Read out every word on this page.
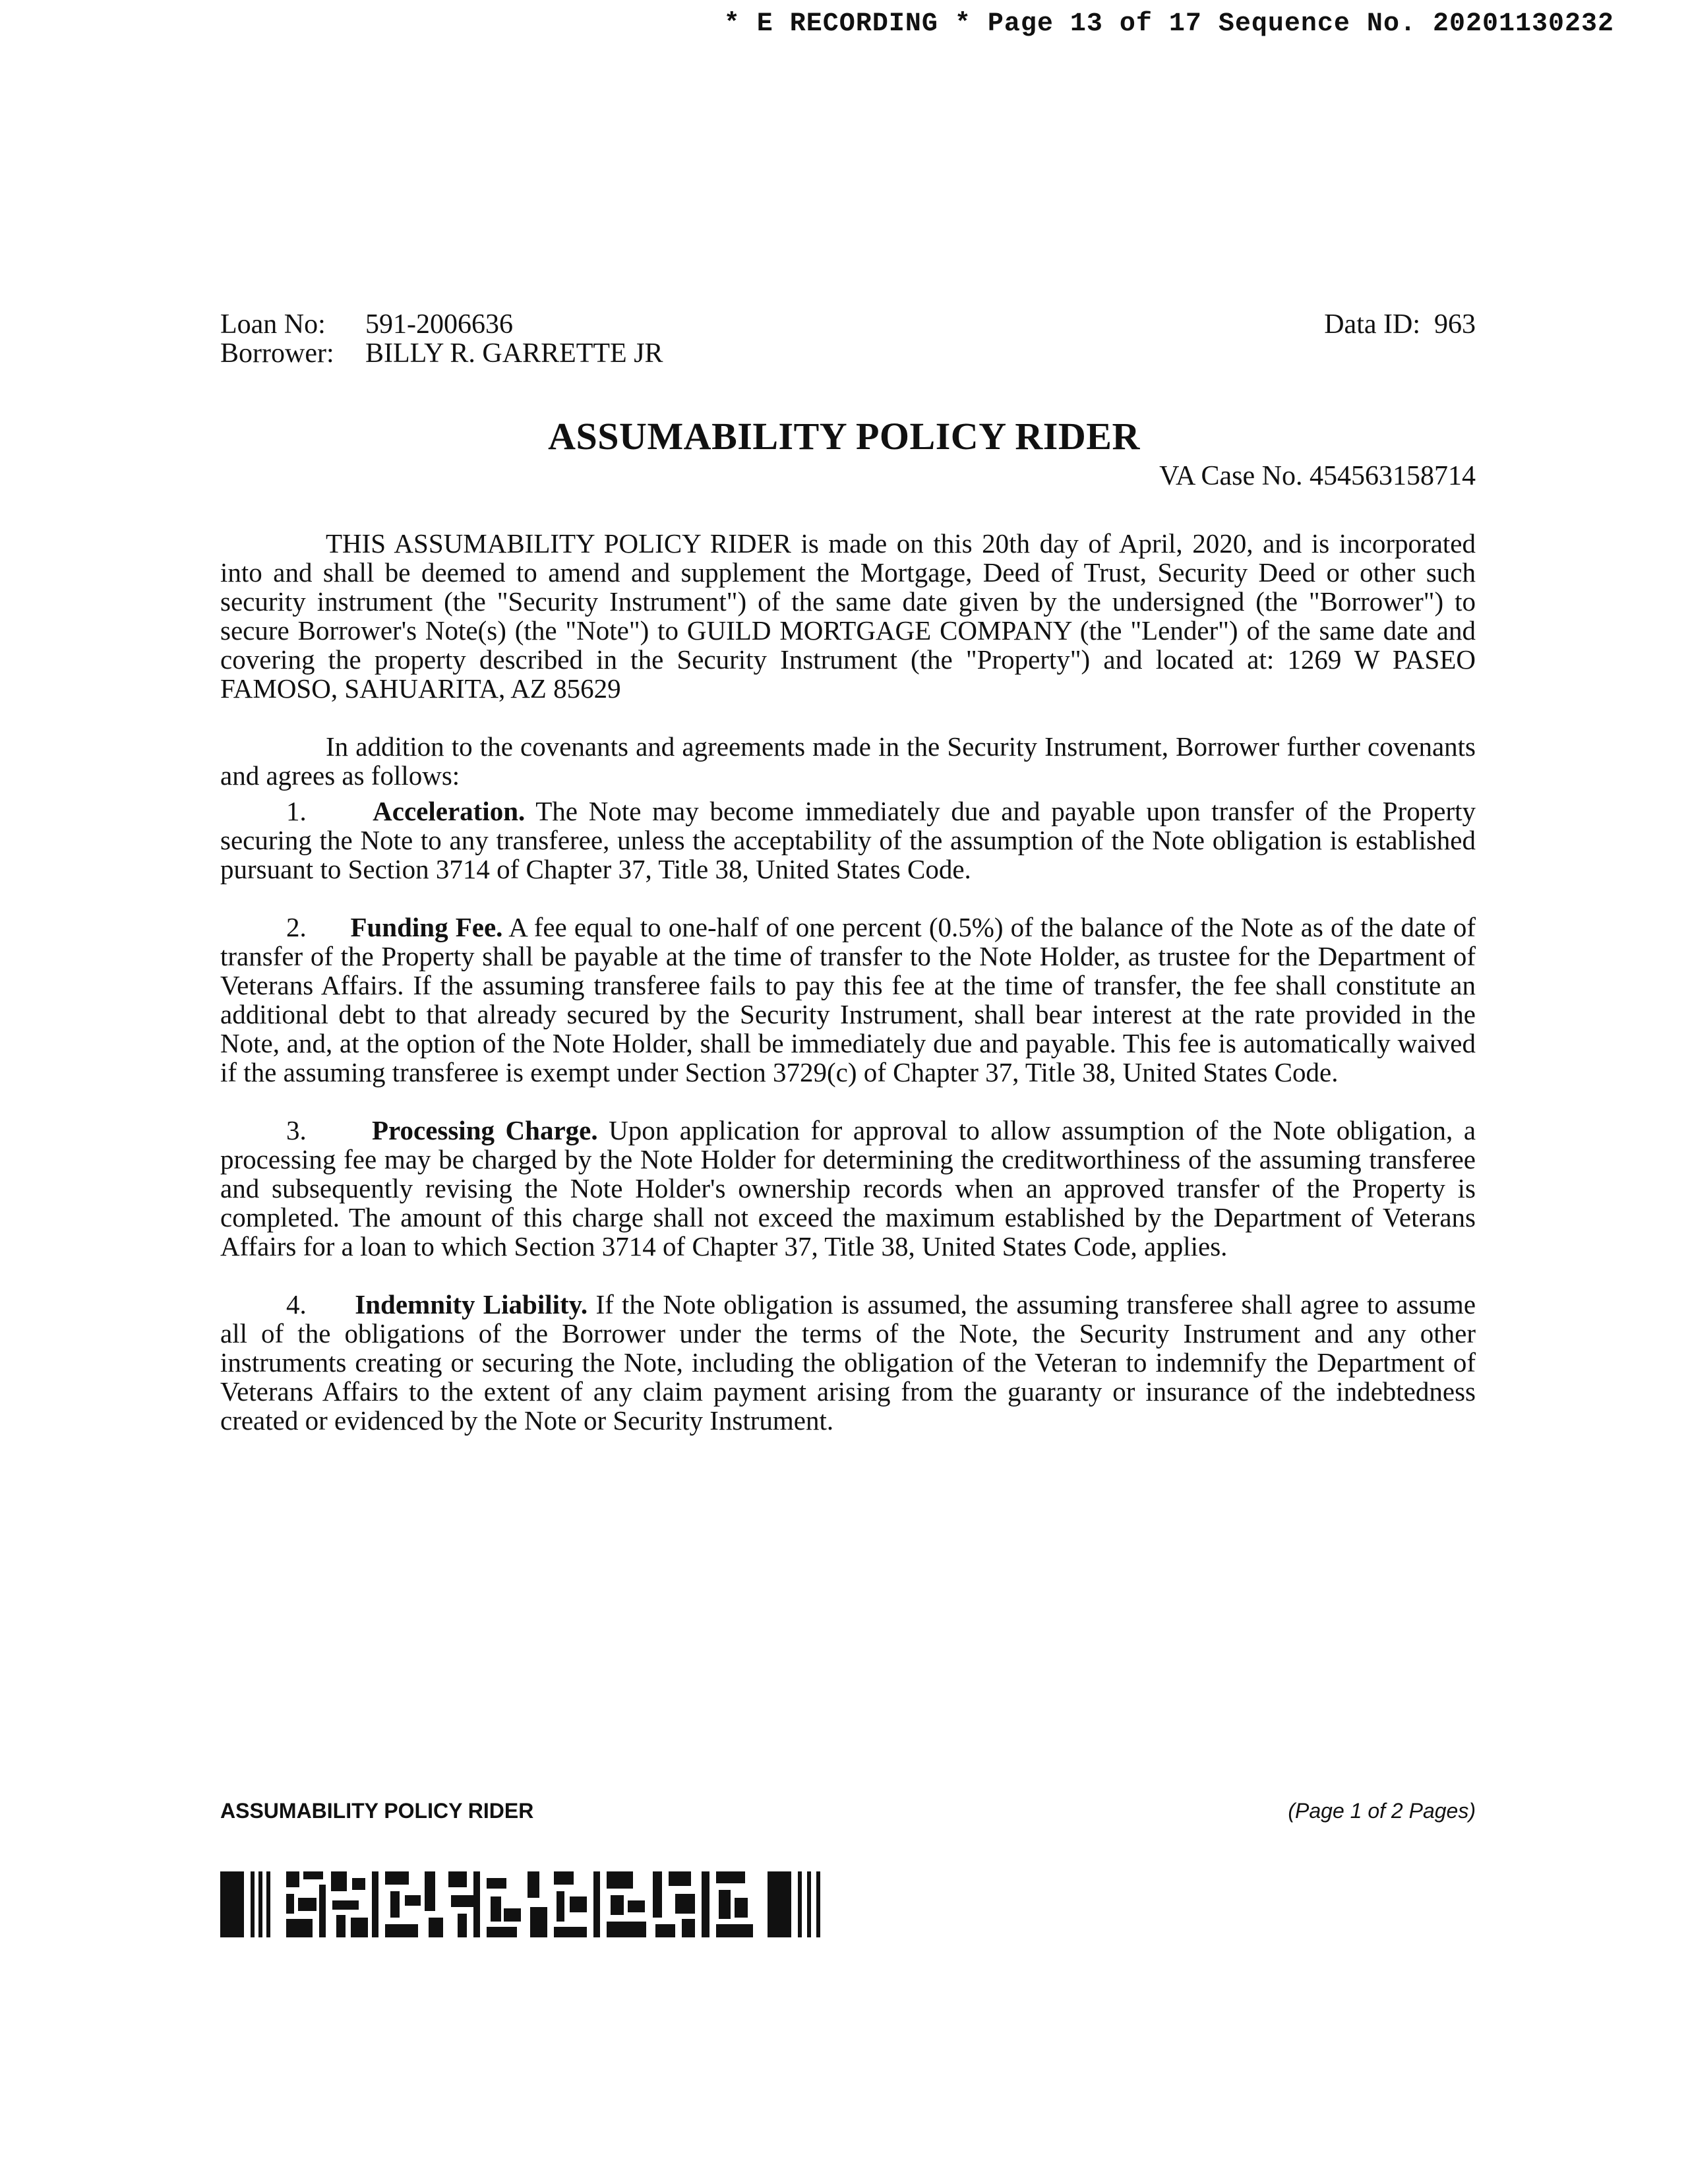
* E RECORDING * Page 13 of 17 Sequence No. 20201130232
Loan No:	591-2006636
Borrower:	BILLY R. GARRETTE JR
Data ID: 963
ASSUMABILITY POLICY RIDER
VA Case No. 454563158714

THIS ASSUMABILITY POLICY RIDER is made on this 20th day of April, 2020, and is incorporated into and shall be deemed to amend and supplement the Mortgage, Deed of Trust, Security Deed or other such security instrument (the "Security Instrument") of the same date given by the undersigned (the "Borrower") to secure Borrower's Note(s) (the "Note") to GUILD MORTGAGE COMPANY (the "Lender") of the same date and covering the property described in the Security Instrument (the "Property") and located at: 1269 W PASEO FAMOSO, SAHUARITA, AZ 85629

In addition to the covenants and agreements made in the Security Instrument, Borrower further covenants and agrees as follows:

1. Acceleration. The Note may become immediately due and payable upon transfer of the Property securing the Note to any transferee, unless the acceptability of the assumption of the Note obligation is established pursuant to Section 3714 of Chapter 37, Title 38, United States Code.

2. Funding Fee. A fee equal to one-half of one percent (0.5%) of the balance of the Note as of the date of transfer of the Property shall be payable at the time of transfer to the Note Holder, as trustee for the Department of Veterans Affairs. If the assuming transferee fails to pay this fee at the time of transfer, the fee shall constitute an additional debt to that already secured by the Security Instrument, shall bear interest at the rate provided in the Note, and, at the option of the Note Holder, shall be immediately due and payable. This fee is automatically waived if the assuming transferee is exempt under Section 3729(c) of Chapter 37, Title 38, United States Code.

3. Processing Charge. Upon application for approval to allow assumption of the Note obligation, a processing fee may be charged by the Note Holder for determining the creditworthiness of the assuming transferee and subsequently revising the Note Holder's ownership records when an approved transfer of the Property is completed. The amount of this charge shall not exceed the maximum established by the Department of Veterans Affairs for a loan to which Section 3714 of Chapter 37, Title 38, United States Code, applies.

4. Indemnity Liability. If the Note obligation is assumed, the assuming transferee shall agree to assume all of the obligations of the Borrower under the terms of the Note, the Security Instrument and any other instruments creating or securing the Note, including the obligation of the Veteran to indemnify the Department of Veterans Affairs to the extent of any claim payment arising from the guaranty or insurance of the indebtedness created or evidenced by the Note or Security Instrument.

ASSUMABILITY POLICY RIDER	(Page 1 of 2 Pages)
